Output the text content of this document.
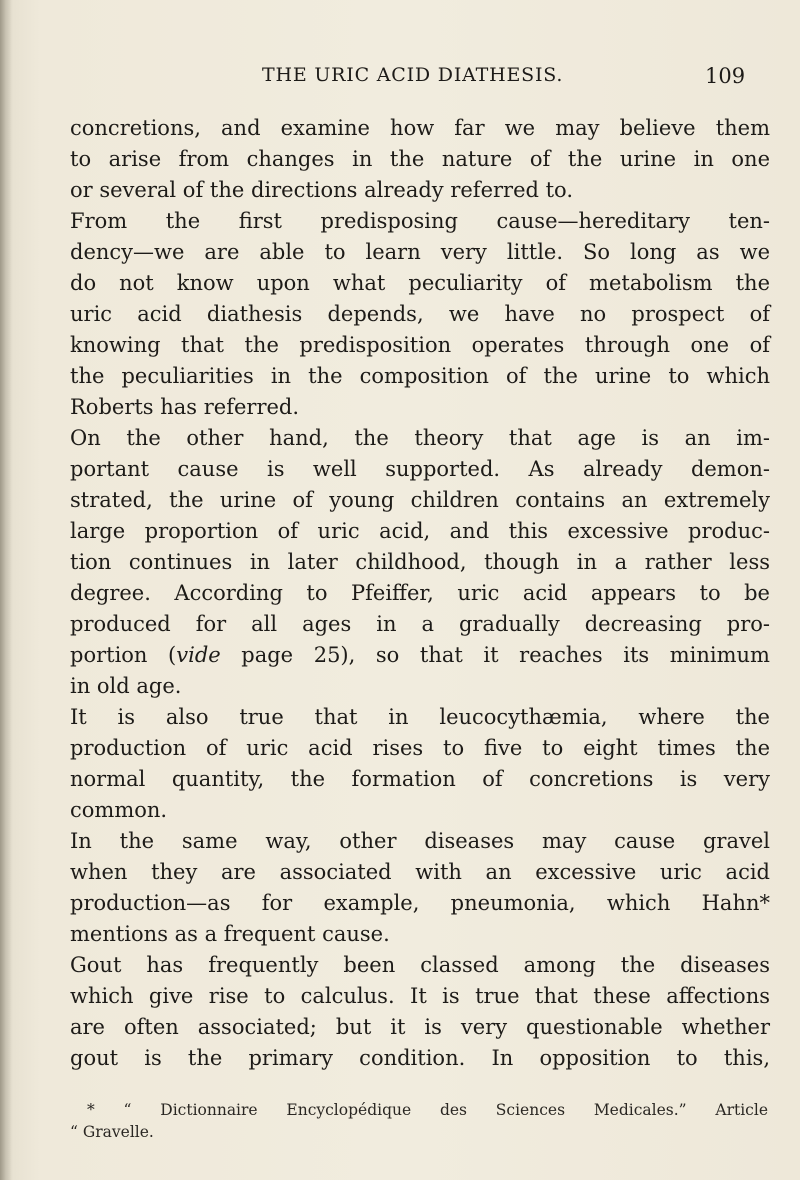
THE URIC ACID DIATHESIS.	109
concretions, and examine how far we may believe them
to arise from changes in the nature of the urine in one
or several of the directions already referred to.
From the first predisposing cause—hereditary ten-
dency—we are able to learn very little. So long as we
do not know upon what peculiarity of metabolism the
uric acid diathesis depends, we have no prospect of
knowing that the predisposition operates through one of
the peculiarities in the composition of the urine to which
Roberts has referred.
On the other hand, the theory that age is an im-
portant cause is well supported. As already demon-
strated, the urine of young children contains an extremely
large proportion of uric acid, and this excessive produc-
tion continues in later childhood, though in a rather less
degree. According to Pfeiffer, uric acid appears to be
produced for all ages in a gradually decreasing pro-
portion (vide page 25), so that it reaches its minimum
in old age.
It is also true that in leucocythæmia, where the
production of uric acid rises to five to eight times the
normal quantity, the formation of concretions is very
common.
In the same way, other diseases may cause gravel
when they are associated with an excessive uric acid
production—as for example, pneumonia, which Hahn*
mentions as a frequent cause.
Gout has frequently been classed among the diseases
which give rise to calculus. It is true that these affections
are often associated; but it is very questionable whether
gout is the primary condition. In opposition to this,
* “ Dictionnaire Encyclopédique des Sciences Medicales.” Article
“ Gravelle.
